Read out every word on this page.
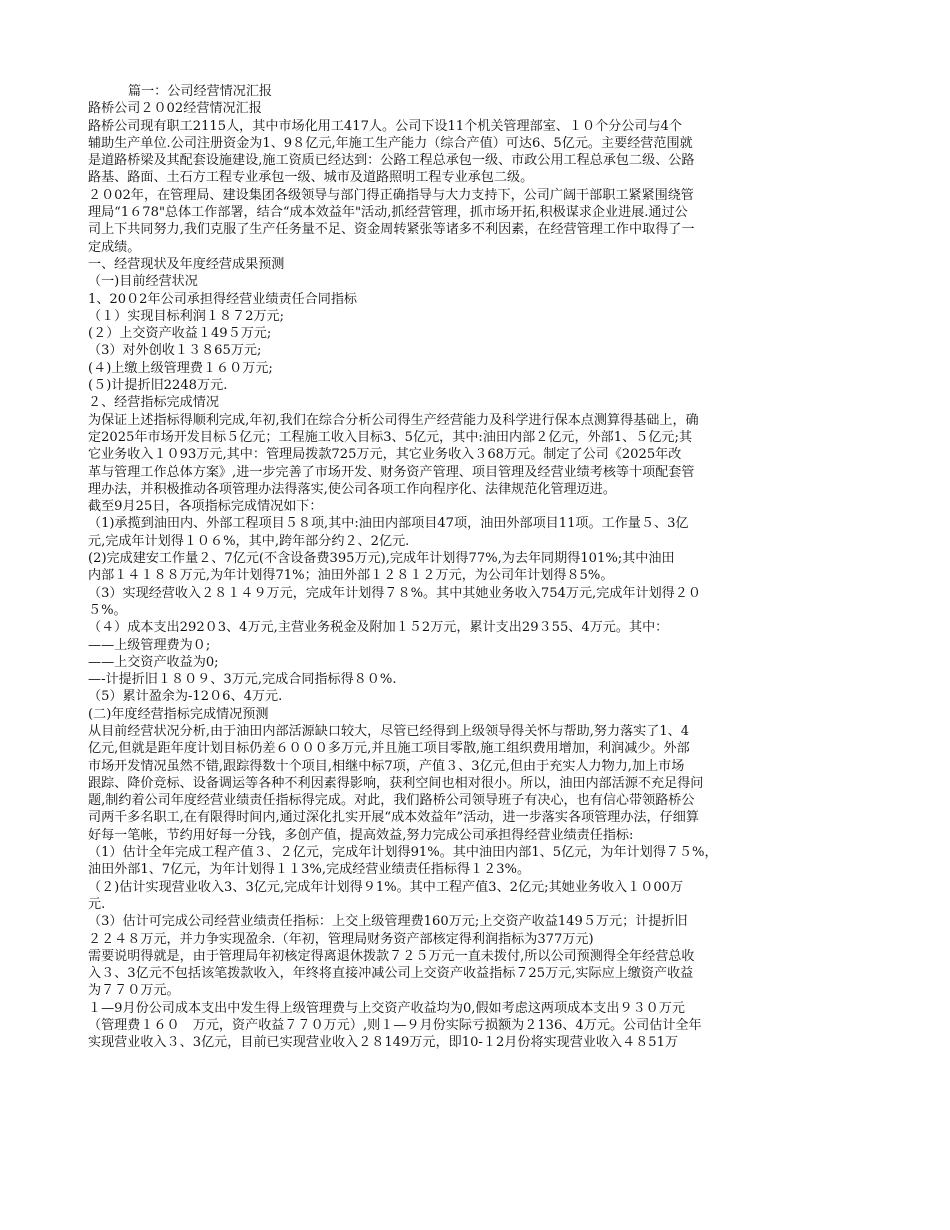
篇一：公司经营情况汇报
路桥公司２０02经营情况汇报
路桥公司现有职工2115人，其中市场化用工417人。公司下设11个机关管理部室、１０个分公司与4个
辅助生产单位.公司注册资金为1、9８亿元,年施工生产能力（综合产值）可达6、5亿元。主要经营范围就
是道路桥梁及其配套设施建设,施工资质已经达到：公路工程总承包一级、市政公用工程总承包二级、公路
路基、路面、土石方工程专业承包一级、城市及道路照明工程专业承包二级。
２０02年，在管理局、建设集团各级领导与部门得正确指导与大力支持下，公司广阔干部职工紧紧围绕管
理局“1６78"总体工作部署，结合“成本效益年"活动,抓经营管理，抓市场开拓,积极谋求企业进展.通过公
司上下共同努力,我们克服了生产任务量不足、资金周转紧张等诸多不利因素，在经营管理工作中取得了一
定成绩。
一、经营现状及年度经营成果预测
（一)目前经营状况
1、20０2年公司承担得经营业绩责任合同指标
（１）实现目标利润１８７2万元;
(２）上交资产收益１49５万元;
（3）对外创收１３８65万元;
(４)上缴上级管理费１６０万元;
(５)计提折旧2248万元.
２、经营指标完成情况
为保证上述指标得顺利完成,年初,我们在综合分析公司得生产经营能力及科学进行保本点测算得基础上，确
定2025年市场开发目标５亿元；工程施工收入目标3、5亿元，其中:油田内部２亿元，外部1、５亿元;其
它业务收入１０93万元,其中：管理局拨款725万元，其它业务收入３68万元。制定了公司《2025年改
革与管理工作总体方案》,进一步完善了市场开发、财务资产管理、项目管理及经营业绩考核等十项配套管
理办法，并积极推动各项管理办法得落实,使公司各项工作向程序化、法律规范化管理迈进。
截至9月25日，各项指标完成情况如下：
（1)承揽到油田内、外部工程项目５８项,其中:油田内部项目47项，油田外部项目11项。工作量５、3亿
元,完成年计划得１０６%，其中,跨年部分约２、2亿元.
(2)完成建安工作量２、7亿元(不含设备费395万元),完成年计划得77%,为去年同期得101%;其中油田
内部１４１８８万元,为年计划得71%；油田外部１２８１２万元，为公司年计划得８5%。
（3）实现经营收入２８１４９万元，完成年计划得７８%。其中其她业务收入754万元,完成年计划得２０
５%。
（４）成本支出292０3、4万元,主营业务税金及附加１５2万元，累计支出29３55、4万元。其中：
——上级管理费为０;
——上交资产收益为0;
—-计提折旧１８０９、3万元,完成合同指标得８０%.
（5）累计盈余为-12０6、4万元.
(二)年度经营指标完成情况预测
从目前经营状况分析,由于油田内部活源缺口较大，尽管已经得到上级领导得关怀与帮助,努力落实了1、4
亿元,但就是距年度计划目标仍差６０００多万元,并且施工项目零散,施工组织费用增加，利润减少。外部
市场开发情况虽然不错,跟踪得数十个项目,相继中标7项，产值３、3亿元,但由于充实人力物力,加上市场
跟踪、降价竞标、设备调运等各种不利因素得影响，获利空间也相对很小。所以，油田内部活源不充足得问
题,制约着公司年度经营业绩责任指标得完成。对此，我们路桥公司领导班子有决心，也有信心带领路桥公
司两千多名职工,在有限得时间内,通过深化扎实开展“成本效益年”活动，进一步落实各项管理办法，仔细算
好每一笔帐，节约用好每一分钱，多创产值，提高效益,努力完成公司承担得经营业绩责任指标:
（1）估计全年完成工程产值３、２亿元，完成年计划得91%。其中油田内部1、5亿元，为年计划得７５%，
油田外部1、7亿元，为年计划得１１3%,完成经营业绩责任指标得１２3%。
（２)估计实现营业收入3、3亿元,完成年计划得９1%。其中工程产值3、2亿元;其她业务收入１０00万
元.
（3）估计可完成公司经营业绩责任指标：上交上级管理费160万元;上交资产收益149５万元；计提折旧
２２４８万元，并力争实现盈余.（年初，管理局财务资产部核定得利润指标为377万元)
需要说明得就是，由于管理局年初核定得离退休拨款７２５万元一直未拨付,所以公司预测得全年经营总收
入３、3亿元不包括该笔拨款收入，年终将直接冲减公司上交资产收益指标７25万元,实际应上缴资产收益
为７７０万元。
１—9月份公司成本支出中发生得上级管理费与上交资产收益均为0,假如考虑这两项成本支出９３０万元
（管理费１６０　万元，资产收益７７０万元）,则１—９月份实际亏损额为２136、4万元。公司估计全年
实现营业收入３、3亿元，目前已实现营业收入２８149万元，即10-１2月份将实现营业收入４８51万
